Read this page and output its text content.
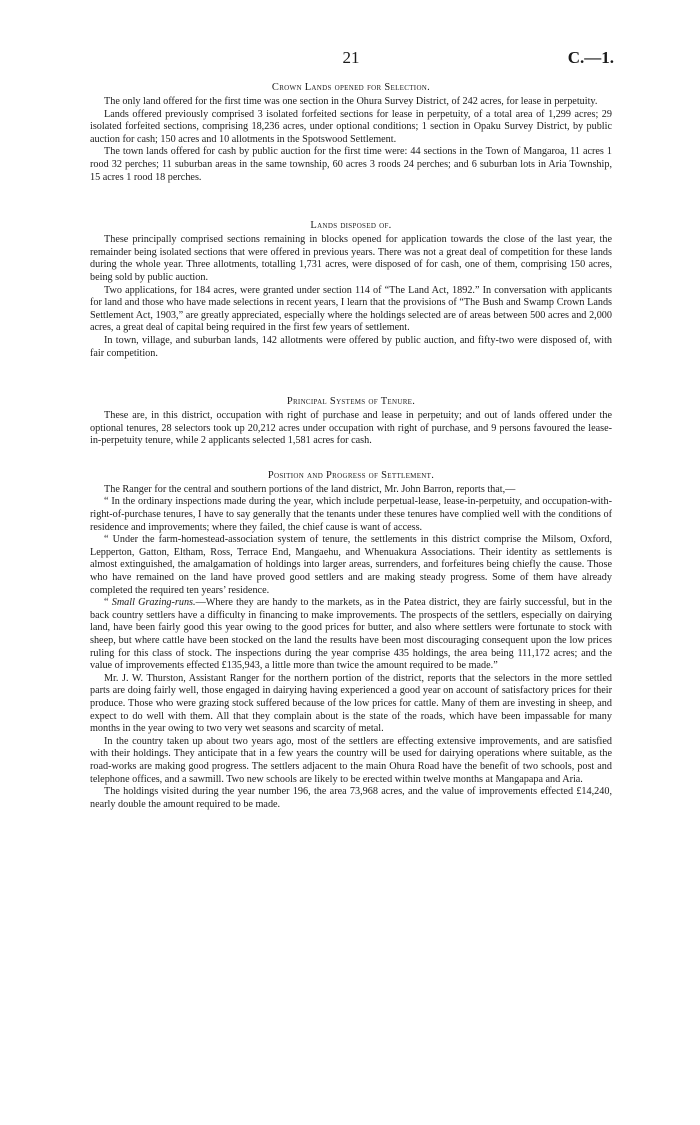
21	C.—1.
Crown Lands opened for Selection.

The only land offered for the first time was one section in the Ohura Survey District, of 242 acres, for lease in perpetuity.

Lands offered previously comprised 3 isolated forfeited sections for lease in perpetuity, of a total area of 1,299 acres; 29 isolated forfeited sections, comprising 18,236 acres, under optional conditions; 1 section in Opaku Survey District, by public auction for cash; 150 acres and 10 allotments in the Spotswood Settlement.

The town lands offered for cash by public auction for the first time were: 44 sections in the Town of Mangaroa, 11 acres 1 rood 32 perches; 11 suburban areas in the same township, 60 acres 3 roods 24 perches; and 6 suburban lots in Aria Township, 15 acres 1 rood 18 perches.

Lands disposed of.

These principally comprised sections remaining in blocks opened for application towards the close of the last year, the remainder being isolated sections that were offered in previous years. There was not a great deal of competition for these lands during the whole year. Three allotments, totalling 1,731 acres, were disposed of for cash, one of them, comprising 150 acres, being sold by public auction.

Two applications, for 184 acres, were granted under section 114 of “The Land Act, 1892.” In conversation with applicants for land and those who have made selections in recent years, I learn that the provisions of “The Bush and Swamp Crown Lands Settlement Act, 1903,” are greatly appreciated, especially where the holdings selected are of areas between 500 acres and 2,000 acres, a great deal of capital being required in the first few years of settlement.

In town, village, and suburban lands, 142 allotments were offered by public auction, and fifty-two were disposed of, with fair competition.

Principal Systems of Tenure.

These are, in this district, occupation with right of purchase and lease in perpetuity; and out of lands offered under the optional tenures, 28 selectors took up 20,212 acres under occupation with right of purchase, and 9 persons favoured the lease-in-perpetuity tenure, while 2 applicants selected 1,581 acres for cash.

Position and Progress of Settlement.

The Ranger for the central and southern portions of the land district, Mr. John Barron, reports that,—

“ In the ordinary inspections made during the year, which include perpetual-lease, lease-in-perpetuity, and occupation-with-right-of-purchase tenures, I have to say generally that the tenants under these tenures have complied well with the conditions of residence and improvements; where they failed, the chief cause is want of access.

“ Under the farm-homestead-association system of tenure, the settlements in this district comprise the Milsom, Oxford, Lepperton, Gatton, Eltham, Ross, Terrace End, Mangaehu, and Whenuakura Associations. Their identity as settlements is almost extinguished, the amalgamation of holdings into larger areas, surrenders, and forfeitures being chiefly the cause. Those who have remained on the land have proved good settlers and are making steady progress. Some of them have already completed the required ten years’ residence.

“ Small Grazing-runs.—Where they are handy to the markets, as in the Patea district, they are fairly successful, but in the back country settlers have a difficulty in financing to make improvements. The prospects of the settlers, especially on dairying land, have been fairly good this year owing to the good prices for butter, and also where settlers were fortunate to stock with sheep, but where cattle have been stocked on the land the results have been most discouraging consequent upon the low prices ruling for this class of stock. The inspections during the year comprise 435 holdings, the area being 111,172 acres; and the value of improvements effected £135,943, a little more than twice the amount required to be made.”

Mr. J. W. Thurston, Assistant Ranger for the northern portion of the district, reports that the selectors in the more settled parts are doing fairly well, those engaged in dairying having experienced a good year on account of satisfactory prices for their produce. Those who were grazing stock suffered because of the low prices for cattle. Many of them are investing in sheep, and expect to do well with them. All that they complain about is the state of the roads, which have been impassable for many months in the year owing to two very wet seasons and scarcity of metal.

In the country taken up about two years ago, most of the settlers are effecting extensive improvements, and are satisfied with their holdings. They anticipate that in a few years the country will be used for dairying operations where suitable, as the road-works are making good progress. The settlers adjacent to the main Ohura Road have the benefit of two schools, post and telephone offices, and a sawmill. Two new schools are likely to be erected within twelve months at Mangapapa and Aria.

The holdings visited during the year number 196, the area 73,968 acres, and the value of improvements effected £14,240, nearly double the amount required to be made.
